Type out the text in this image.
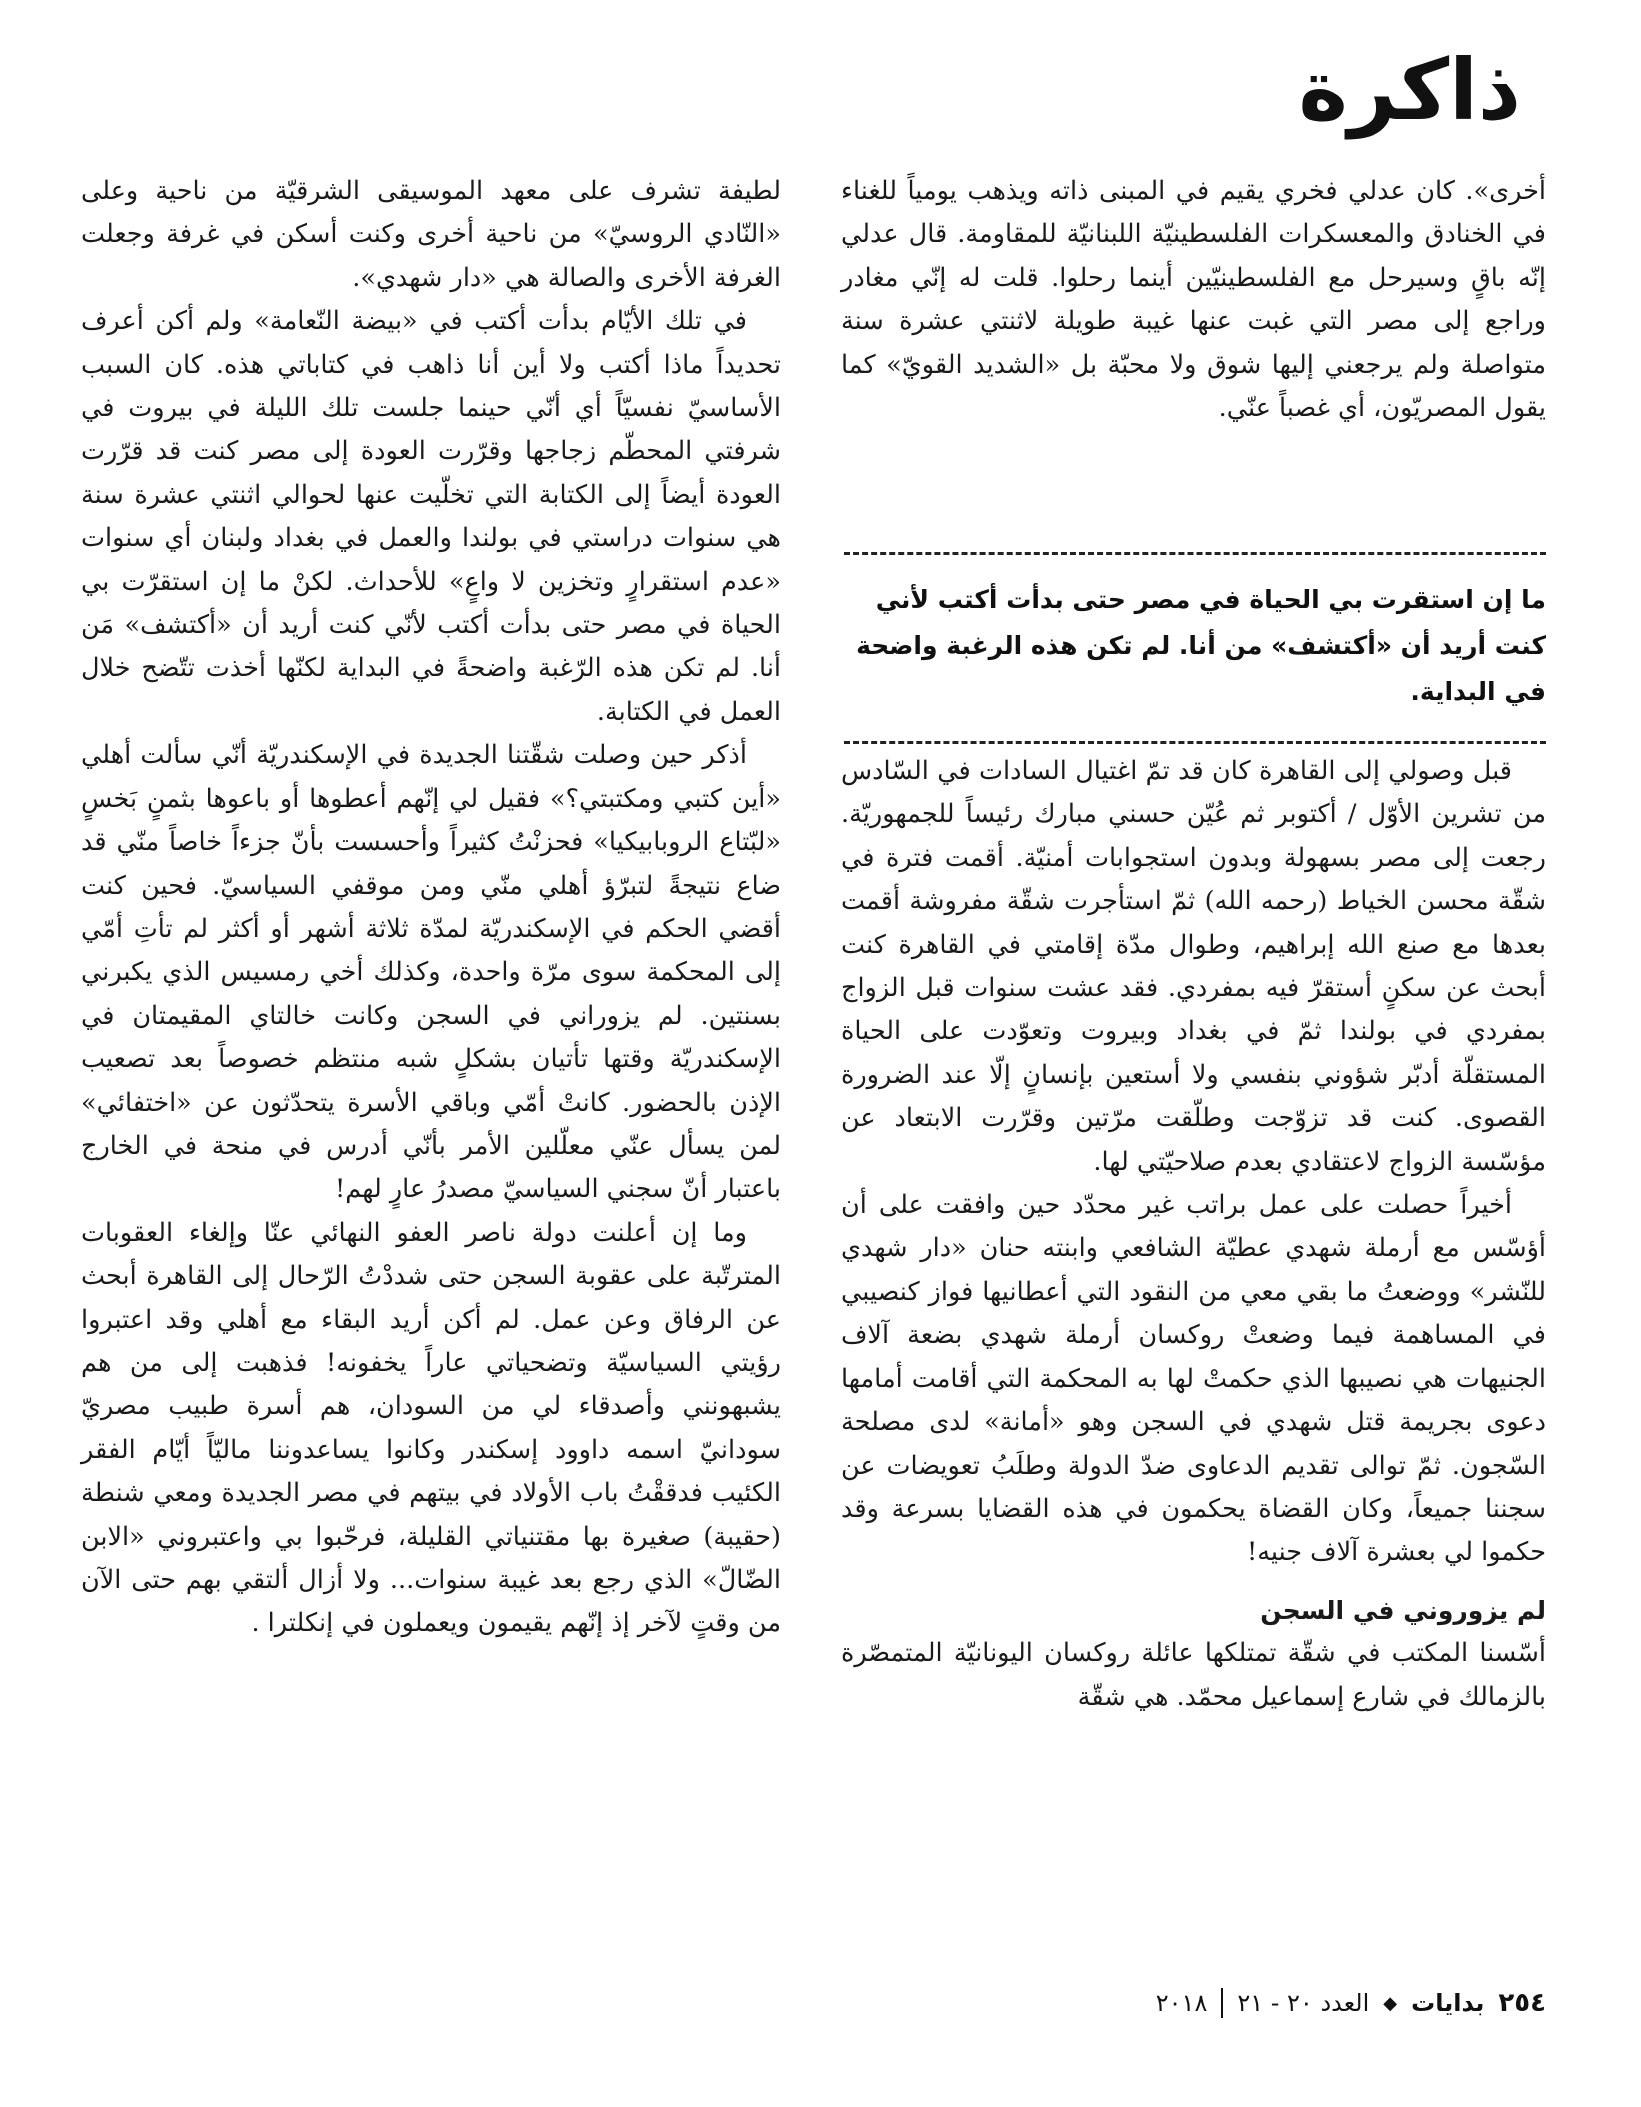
ذاكرة

أخرى». كان عدلي فخري يقيم في المبنى ذاته ويذهب يومياً للغناء في الخنادق والمعسكرات الفلسطينيّة اللبنانيّة للمقاومة. قال عدلي إنّه باقٍ وسيرحل مع الفلسطينيّين أينما رحلوا. قلت له إنّي مغادر وراجع إلى مصر التي غبت عنها غيبة طويلة لاثنتي عشرة سنة متواصلة ولم يرجعني إليها شوق ولا محبّة بل «الشديد القويّ» كما يقول المصريّون، أي غصباً عنّي.

ما إن استقرت بي الحياة في مصر حتى بدأت أكتب لأني كنت أريد أن «أكتشف» من أنا. لم تكن هذه الرغبة واضحة في البداية.

قبل وصولي إلى القاهرة كان قد تمّ اغتيال السادات في السّادس من تشرين الأوّل / أكتوبر ثم عُيّن حسني مبارك رئيساً للجمهوريّة. رجعت إلى مصر بسهولة وبدون استجوابات أمنيّة. أقمت فترة في شقّة محسن الخياط (رحمه الله) ثمّ استأجرت شقّة مفروشة أقمت بعدها مع صنع الله إبراهيم، وطوال مدّة إقامتي في القاهرة كنت أبحث عن سكنٍ أستقرّ فيه بمفردي. فقد عشت سنوات قبل الزواج بمفردي في بولندا ثمّ في بغداد وبيروت وتعوّدت على الحياة المستقلّة أدبّر شؤوني بنفسي ولا أستعين بإنسانٍ إلّا عند الضرورة القصوى. كنت قد تزوّجت وطلّقت مرّتين وقرّرت الابتعاد عن مؤسّسة الزواج لاعتقادي بعدم صلاحيّتي لها.

أخيراً حصلت على عمل براتب غير محدّد حين وافقت على أن أؤسّس مع أرملة شهدي عطيّة الشافعي وابنته حنان «دار شهدي للنّشر» ووضعتُ ما بقي معي من النقود التي أعطانيها فواز كنصيبي في المساهمة فيما وضعتْ روكسان أرملة شهدي بضعة آلاف الجنيهات هي نصيبها الذي حكمتْ لها به المحكمة التي أقامت أمامها دعوى بجريمة قتل شهدي في السجن وهو «أمانة» لدى مصلحة السّجون. ثمّ توالى تقديم الدعاوى ضدّ الدولة وطلَبُ تعويضات عن سجننا جميعاً، وكان القضاة يحكمون في هذه القضايا بسرعة وقد حكموا لي بعشرة آلاف جنيه!

لم يزوروني في السجن

أسّسنا المكتب في شقّة تمتلكها عائلة روكسان اليونانيّة المتمصّرة بالزمالك في شارع إسماعيل محمّد. هي شقّة

لطيفة تشرف على معهد الموسيقى الشرقيّة من ناحية وعلى «النّادي الروسيّ» من ناحية أخرى وكنت أسكن في غرفة وجعلت الغرفة الأخرى والصالة هي «دار شهدي».

في تلك الأيّام بدأت أكتب في «بيضة النّعامة» ولم أكن أعرف تحديداً ماذا أكتب ولا أين أنا ذاهب في كتاباتي هذه. كان السبب الأساسيّ نفسيّاً أي أنّي حينما جلست تلك الليلة في بيروت في شرفتي المحطّم زجاجها وقرّرت العودة إلى مصر كنت قد قرّرت العودة أيضاً إلى الكتابة التي تخلّيت عنها لحوالي اثنتي عشرة سنة هي سنوات دراستي في بولندا والعمل في بغداد ولبنان أي سنوات «عدم استقرارٍ وتخزين لا واعٍ» للأحداث. لكنْ ما إن استقرّت بي الحياة في مصر حتى بدأت أكتب لأنّي كنت أريد أن «أكتشف» مَن أنا. لم تكن هذه الرّغبة واضحةً في البداية لكنّها أخذت تتّضح خلال العمل في الكتابة.

أذكر حين وصلت شقّتنا الجديدة في الإسكندريّة أنّي سألت أهلي «أين كتبي ومكتبتي؟» فقيل لي إنّهم أعطوها أو باعوها بثمنٍ بَخسٍ «لبّتاع الروبابيكيا» فحزنْتُ كثيراً وأحسست بأنّ جزءاً خاصاً منّي قد ضاع نتيجةً لتبرّؤ أهلي منّي ومن موقفي السياسيّ. فحين كنت أقضي الحكم في الإسكندريّة لمدّة ثلاثة أشهر أو أكثر لم تأتِ أمّي إلى المحكمة سوى مرّة واحدة، وكذلك أخي رمسيس الذي يكبرني بسنتين. لم يزوراني في السجن وكانت خالتاي المقيمتان في الإسكندريّة وقتها تأتيان بشكلٍ شبه منتظم خصوصاً بعد تصعيب الإذن بالحضور. كانتْ أمّي وباقي الأسرة يتحدّثون عن «اختفائي» لمن يسأل عنّي معلّلين الأمر بأنّي أدرس في منحة في الخارج باعتبار أنّ سجني السياسيّ مصدرُ عارٍ لهم!

وما إن أعلنت دولة ناصر العفو النهائي عنّا وإلغاء العقوبات المترتّبة على عقوبة السجن حتى شددْتُ الرّحال إلى القاهرة أبحث عن الرفاق وعن عمل. لم أكن أريد البقاء مع أهلي وقد اعتبروا رؤيتي السياسيّة وتضحياتي عاراً يخفونه! فذهبت إلى من هم يشبهونني وأصدقاء لي من السودان، هم أسرة طبيب مصريّ سودانيّ اسمه داوود إسكندر وكانوا يساعدوننا ماليّاً أيّام الفقر الكئيب فدققْتُ باب الأولاد في بيتهم في مصر الجديدة ومعي شنطة (حقيبة) صغيرة بها مقتنياتي القليلة، فرحّبوا بي واعتبروني «الابن الضّالّ» الذي رجع بعد غيبة سنوات... ولا أزال ألتقي بهم حتى الآن من وقتٍ لآخر إذ إنّهم يقيمون ويعملون في إنكلترا .

٢٥٤
بدايات
◆
العدد ٢٠ - ٢١
٢٠١٨
